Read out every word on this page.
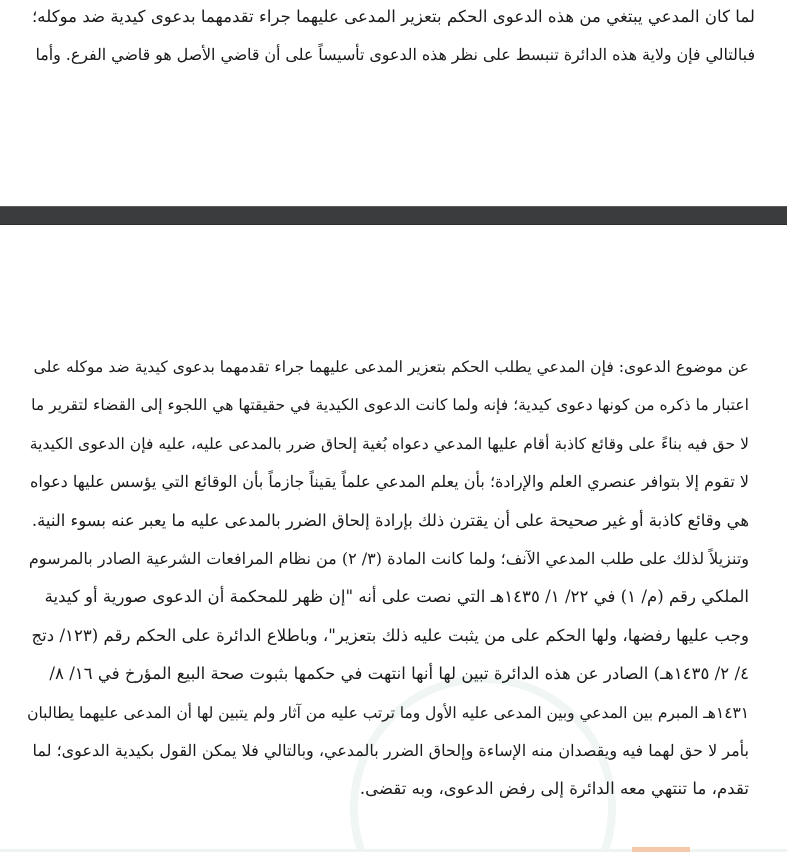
لما كان المدعي يبتغي من هذه الدعوى الحكم بتعزير المدعى عليهما جراء تقدمهما بدعوى كيدية ضد موكله؛
فبالتالي فإن ولاية هذه الدائرة تنبسط على نظر هذه الدعوى تأسيساً على أن قاضي الأصل هو قاضي الفرع. وأما
عن موضوع الدعوى: فإن المدعي يطلب الحكم بتعزير المدعى عليهما جراء تقدمهما بدعوى كيدية ضد موكله على
اعتبار ما ذكره من كونها دعوى كيدية؛ فإنه ولما كانت الدعوى الكيدية في حقيقتها هي اللجوء إلى القضاء لتقرير ما
لا حق فيه بناءً على وقائع كاذبة أقام عليها المدعي دعواه بُغية إلحاق ضرر بالمدعى عليه، عليه فإن الدعوى الكيدية
لا تقوم إلا بتوافر عنصري العلم والإرادة؛ بأن يعلم المدعي علماً يقيناً جازماً بأن الوقائع التي يؤسس عليها دعواه
هي وقائع كاذبة أو غير صحيحة على أن يقترن ذلك بإرادة إلحاق الضرر بالمدعى عليه ما يعبر عنه بسوء النية.
وتنزيلاً لذلك على طلب المدعي الآنف؛ ولما كانت المادة (٣/ ٢) من نظام المرافعات الشرعية الصادر بالمرسوم
الملكي رقم (م/ ١) في ٢٢/ ١/ ١٤٣٥هـ التي نصت على أنه "إن ظهر للمحكمة أن الدعوى صورية أو كيدية
وجب عليها رفضها، ولها الحكم على من يثبت عليه ذلك بتعزير"، وباطلاع الدائرة على الحكم رقم (١٢٣/ دتج
٤/ ٢/ ١٤٣٥هـ) الصادر عن هذه الدائرة تبين لها أنها انتهت في حكمها بثبوت صحة البيع المؤرخ في ١٦/ ٨/
١٤٣١هـ المبرم بين المدعي وبين المدعى عليه الأول وما ترتب عليه من آثار ولم يتبين لها أن المدعى عليهما يطالبان
بأمر لا حق لهما فيه ويقصدان منه الإساءة وإلحاق الضرر بالمدعي، وبالتالي فلا يمكن القول بكيدية الدعوى؛ لما
تقدم، ما تنتهي معه الدائرة إلى رفض الدعوى، وبه تقضى.
